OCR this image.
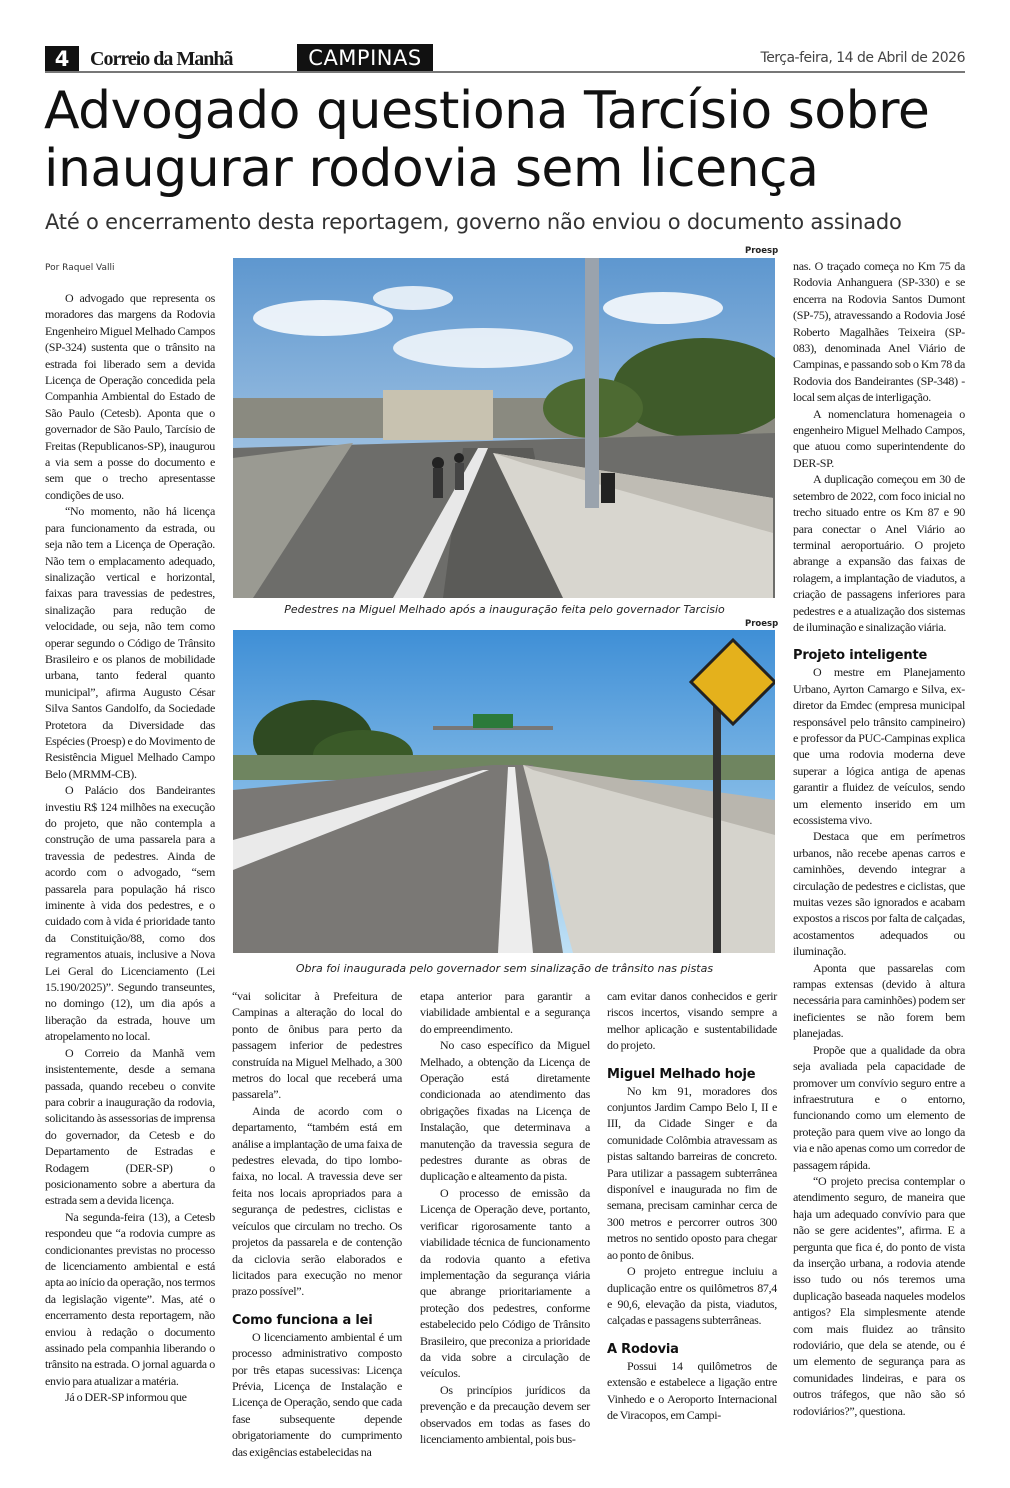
4	Correio da Manhã	CAMPINAS	Terça-feira, 14 de Abril de 2026
Advogado questiona Tarcísio sobre inaugurar rodovia sem licença
Até o encerramento desta reportagem, governo não enviou o documento assinado
Por Raquel Valli
Proesp
Pedestres na Miguel Melhado após a inauguração feita pelo governador Tarcisio
Proesp
Obra foi inaugurada pelo governador sem sinalização de trânsito nas pistas

O advogado que representa os moradores das margens da Rodovia Engenheiro Miguel Melhado Campos (SP-324) sustenta que o trânsito na estrada foi liberado sem a devida Licença de Operação concedida pela Companhia Ambiental do Estado de São Paulo (Cetesb). Aponta que o governador de São Paulo, Tarcísio de Freitas (Republicanos-SP), inaugurou a via sem a posse do documento e sem que o trecho apresentasse condições de uso.

“No momento, não há licença para funcionamento da estrada, ou seja não tem a Licença de Operação. Não tem o emplacamento adequado, sinalização vertical e horizontal, faixas para travessias de pedestres, sinalização para redução de velocidade, ou seja, não tem como operar segundo o Código de Trânsito Brasileiro e os planos de mobilidade urbana, tanto federal quanto municipal”, afirma Augusto César Silva Santos Gandolfo, da Sociedade Protetora da Diversidade das Espécies (Proesp) e do Movimento de Resistência Miguel Melhado Campo Belo (MRMM-CB).

O Palácio dos Bandeirantes investiu R$ 124 milhões na execução do projeto, que não contempla a construção de uma passarela para a travessia de pedestres. Ainda de acordo com o advogado, “sem passarela para população há risco iminente à vida dos pedestres, e o cuidado com à vida é prioridade tanto da Constituição/88, como dos regramentos atuais, inclusive a Nova Lei Geral do Licenciamento (Lei 15.190/2025)”. Segundo transeuntes, no domingo (12), um dia após a liberação da estrada, houve um atropelamento no local.

O Correio da Manhã vem insistentemente, desde a semana passada, quando recebeu o convite para cobrir a inauguração da rodovia, solicitando às assessorias de imprensa do governador, da Cetesb e do Departamento de Estradas e Rodagem (DER-SP) o posicionamento sobre a abertura da estrada sem a devida licença.

Na segunda-feira (13), a Cetesb respondeu que “a rodovia cumpre as condicionantes previstas no processo de licenciamento ambiental e está apta ao início da operação, nos termos da legislação vigente”. Mas, até o encerramento desta reportagem, não enviou à redação o documento assinado pela companhia liberando o trânsito na estrada. O jornal aguarda o envio para atualizar a matéria.

Já o DER-SP informou que

“vai solicitar à Prefeitura de Campinas a alteração do local do ponto de ônibus para perto da passagem inferior de pedestres construída na Miguel Melhado, a 300 metros do local que receberá uma passarela”.

Ainda de acordo com o departamento, “também está em análise a implantação de uma faixa de pedestres elevada, do tipo lombo-faixa, no local. A travessia deve ser feita nos locais apropriados para a segurança de pedestres, ciclistas e veículos que circulam no trecho. Os projetos da passarela e de contenção da ciclovia serão elaborados e licitados para execução no menor prazo possível”.

Como funciona a lei

O licenciamento ambiental é um processo administrativo composto por três etapas sucessivas: Licença Prévia, Licença de Instalação e Licença de Operação, sendo que cada fase subsequente depende obrigatoriamente do cumprimento das exigências estabelecidas na

etapa anterior para garantir a viabilidade ambiental e a segurança do empreendimento.

No caso específico da Miguel Melhado, a obtenção da Licença de Operação está diretamente condicionada ao atendimento das obrigações fixadas na Licença de Instalação, que determinava a manutenção da travessia segura de pedestres durante as obras de duplicação e alteamento da pista.

O processo de emissão da Licença de Operação deve, portanto, verificar rigorosamente tanto a viabilidade técnica de funcionamento da rodovia quanto a efetiva implementação da segurança viária que abrange prioritariamente a proteção dos pedestres, conforme estabelecido pelo Código de Trânsito Brasileiro, que preconiza a prioridade da vida sobre a circulação de veículos.

Os princípios jurídicos da prevenção e da precaução devem ser observados em todas as fases do licenciamento ambiental, pois bus-

cam evitar danos conhecidos e gerir riscos incertos, visando sempre a melhor aplicação e sustentabilidade do projeto.

Miguel Melhado hoje

No km 91, moradores dos conjuntos Jardim Campo Belo I, II e III, da Cidade Singer e da comunidade Colômbia atravessam as pistas saltando barreiras de concreto. Para utilizar a passagem subterrânea disponível e inaugurada no fim de semana, precisam caminhar cerca de 300 metros e percorrer outros 300 metros no sentido oposto para chegar ao ponto de ônibus.

O projeto entregue incluiu a duplicação entre os quilômetros 87,4 e 90,6, elevação da pista, viadutos, calçadas e passagens subterrâneas.

A Rodovia

Possui 14 quilômetros de extensão e estabelece a ligação entre Vinhedo e o Aeroporto Internacional de Viracopos, em Campi-

nas. O traçado começa no Km 75 da Rodovia Anhanguera (SP-330) e se encerra na Rodovia Santos Dumont (SP-75), atravessando a Rodovia José Roberto Magalhães Teixeira (SP-083), denominada Anel Viário de Campinas, e passando sob o Km 78 da Rodovia dos Bandeirantes (SP-348) - local sem alças de interligação.

A nomenclatura homenageia o engenheiro Miguel Melhado Campos, que atuou como superintendente do DER-SP.

A duplicação começou em 30 de setembro de 2022, com foco inicial no trecho situado entre os Km 87 e 90 para conectar o Anel Viário ao terminal aeroportuário. O projeto abrange a expansão das faixas de rolagem, a implantação de viadutos, a criação de passagens inferiores para pedestres e a atualização dos sistemas de iluminação e sinalização viária.

Projeto inteligente

O mestre em Planejamento Urbano, Ayrton Camargo e Silva, ex-diretor da Emdec (empresa municipal responsável pelo trânsito campineiro) e professor da PUC-Campinas explica que uma rodovia moderna deve superar a lógica antiga de apenas garantir a fluidez de veículos, sendo um elemento inserido em um ecossistema vivo.

Destaca que em perímetros urbanos, não recebe apenas carros e caminhões, devendo integrar a circulação de pedestres e ciclistas, que muitas vezes são ignorados e acabam expostos a riscos por falta de calçadas, acostamentos adequados ou iluminação.

Aponta que passarelas com rampas extensas (devido à altura necessária para caminhões) podem ser ineficientes se não forem bem planejadas.

Propõe que a qualidade da obra seja avaliada pela capacidade de promover um convívio seguro entre a infraestrutura e o entorno, funcionando como um elemento de proteção para quem vive ao longo da via e não apenas como um corredor de passagem rápida.

“O projeto precisa contemplar o atendimento seguro, de maneira que haja um adequado convívio para que não se gere acidentes”, afirma. E a pergunta que fica é, do ponto de vista da inserção urbana, a rodovia atende isso tudo ou nós teremos uma duplicação baseada naqueles modelos antigos? Ela simplesmente atende com mais fluidez ao trânsito rodoviário, que dela se atende, ou é um elemento de segurança para as comunidades lindeiras, e para os outros tráfegos, que não são só rodoviários?”, questiona.
